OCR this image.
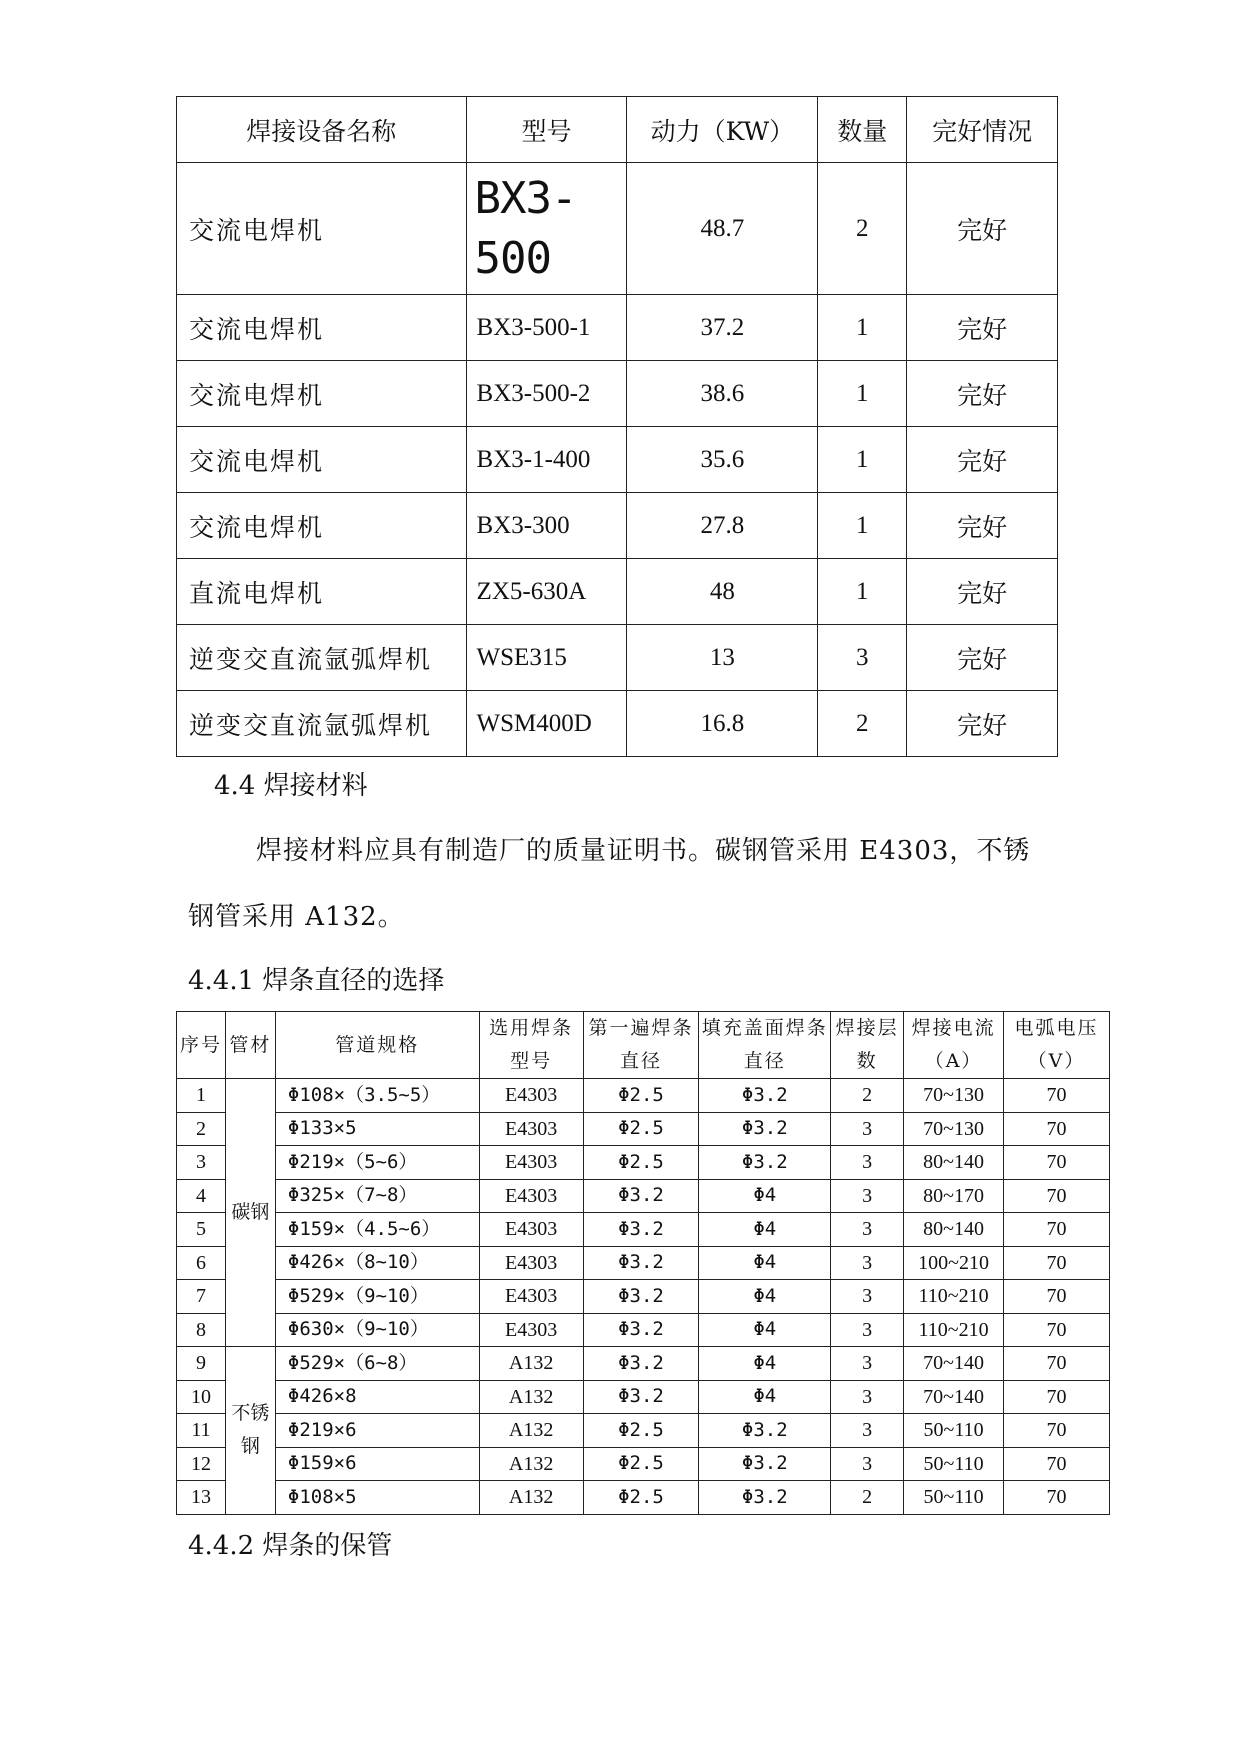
焊接设备名称	型号	动力（KW）	数量	完好情况
交流电焊机	BX3-500	48.7	2	完好
交流电焊机	BX3-500-1	37.2	1	完好
交流电焊机	BX3-500-2	38.6	1	完好
交流电焊机	BX3-1-400	35.6	1	完好
交流电焊机	BX3-300	27.8	1	完好
直流电焊机	ZX5-630A	48	1	完好
逆变交直流氩弧焊机	WSE315	13	3	完好
逆变交直流氩弧焊机	WSM400D	16.8	2	完好
4.4 焊接材料
焊接材料应具有制造厂的质量证明书。碳钢管采用 E4303，不锈钢管采用 A132。
4.4.1 焊条直径的选择
序号	管材	管道规格	选用焊条型号	第一遍焊条直径	填充盖面焊条直径	焊接层数	焊接电流（A）	电弧电压（V）
1	碳钢	Φ108×（3.5~5）	E4303	Φ2.5	Φ3.2	2	70~130	70
2		Φ133×5	E4303	Φ2.5	Φ3.2	3	70~130	70
3		Φ219×（5~6）	E4303	Φ2.5	Φ3.2	3	80~140	70
4		Φ325×（7~8）	E4303	Φ3.2	Φ4	3	80~170	70
5		Φ159×（4.5~6）	E4303	Φ3.2	Φ4	3	80~140	70
6		Φ426×（8~10）	E4303	Φ3.2	Φ4	3	100~210	70
7		Φ529×（9~10）	E4303	Φ3.2	Φ4	3	110~210	70
8		Φ630×（9~10）	E4303	Φ3.2	Φ4	3	110~210	70
9	不锈钢	Φ529×（6~8）	A132	Φ3.2	Φ4	3	70~140	70
10		Φ426×8	A132	Φ3.2	Φ4	3	70~140	70
11		Φ219×6	A132	Φ2.5	Φ3.2	3	50~110	70
12		Φ159×6	A132	Φ2.5	Φ3.2	3	50~110	70
13		Φ108×5	A132	Φ2.5	Φ3.2	2	50~110	70
4.4.2 焊条的保管
